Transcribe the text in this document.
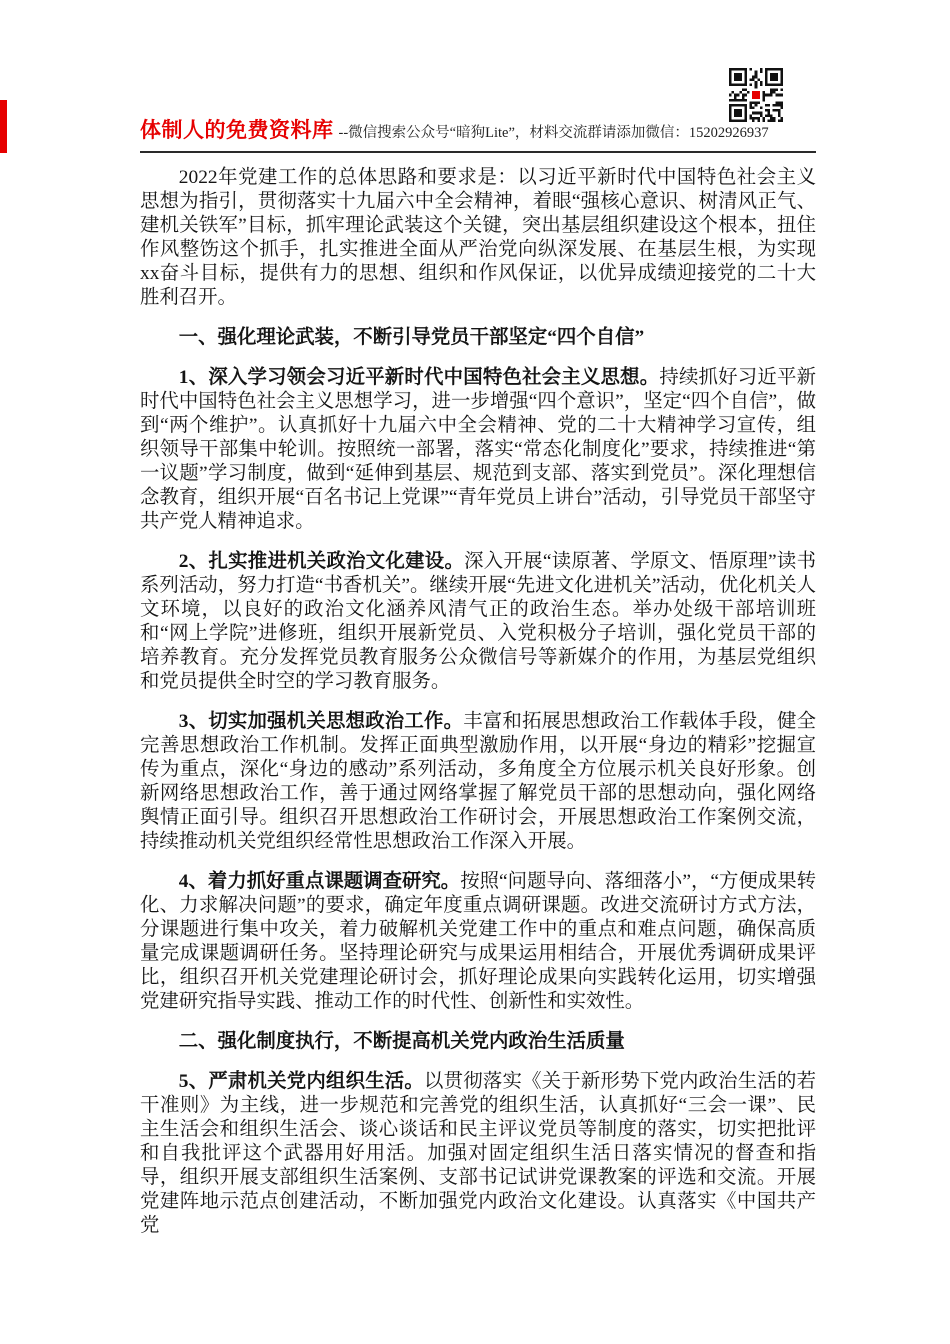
体制人的免费资料库 --微信搜索公众号“暗狗Lite”，材料交流群请添加微信：15202926937

2022年党建工作的总体思路和要求是：以习近平新时代中国特色社会主义思想为指引，贯彻落实十九届六中全会精神，着眼“强核心意识、树清风正气、建机关铁军”目标，抓牢理论武装这个关键，突出基层组织建设这个根本，扭住作风整饬这个抓手，扎实推进全面从严治党向纵深发展、在基层生根，为实现xx奋斗目标，提供有力的思想、组织和作风保证，以优异成绩迎接党的二十大胜利召开。

一、强化理论武装，不断引导党员干部坚定“四个自信”

1、深入学习领会习近平新时代中国特色社会主义思想。持续抓好习近平新时代中国特色社会主义思想学习，进一步增强“四个意识”，坚定“四个自信”，做到“两个维护”。认真抓好十九届六中全会精神、党的二十大精神学习宣传，组织领导干部集中轮训。按照统一部署，落实“常态化制度化”要求，持续推进“第一议题”学习制度，做到“延伸到基层、规范到支部、落实到党员”。深化理想信念教育，组织开展“百名书记上党课”“青年党员上讲台”活动，引导党员干部坚守共产党人精神追求。

2、扎实推进机关政治文化建设。深入开展“读原著、学原文、悟原理”读书系列活动，努力打造“书香机关”。继续开展“先进文化进机关”活动，优化机关人文环境，以良好的政治文化涵养风清气正的政治生态。举办处级干部培训班和“网上学院”进修班，组织开展新党员、入党积极分子培训，强化党员干部的培养教育。充分发挥党员教育服务公众微信号等新媒介的作用，为基层党组织和党员提供全时空的学习教育服务。

3、切实加强机关思想政治工作。丰富和拓展思想政治工作载体手段，健全完善思想政治工作机制。发挥正面典型激励作用，以开展“身边的精彩”挖掘宣传为重点，深化“身边的感动”系列活动，多角度全方位展示机关良好形象。创新网络思想政治工作，善于通过网络掌握了解党员干部的思想动向，强化网络舆情正面引导。组织召开思想政治工作研讨会，开展思想政治工作案例交流，持续推动机关党组织经常性思想政治工作深入开展。

4、着力抓好重点课题调查研究。按照“问题导向、落细落小”，“方便成果转化、力求解决问题”的要求，确定年度重点调研课题。改进交流研讨方式方法，分课题进行集中攻关，着力破解机关党建工作中的重点和难点问题，确保高质量完成课题调研任务。坚持理论研究与成果运用相结合，开展优秀调研成果评比，组织召开机关党建理论研讨会，抓好理论成果向实践转化运用，切实增强党建研究指导实践、推动工作的时代性、创新性和实效性。

二、强化制度执行，不断提高机关党内政治生活质量

5、严肃机关党内组织生活。以贯彻落实《关于新形势下党内政治生活的若干准则》为主线，进一步规范和完善党的组织生活，认真抓好“三会一课”、民主生活会和组织生活会、谈心谈话和民主评议党员等制度的落实，切实把批评和自我批评这个武器用好用活。加强对固定组织生活日落实情况的督查和指导，组织开展支部组织生活案例、支部书记试讲党课教案的评选和交流。开展党建阵地示范点创建活动，不断加强党内政治文化建设。认真落实《中国共产党
